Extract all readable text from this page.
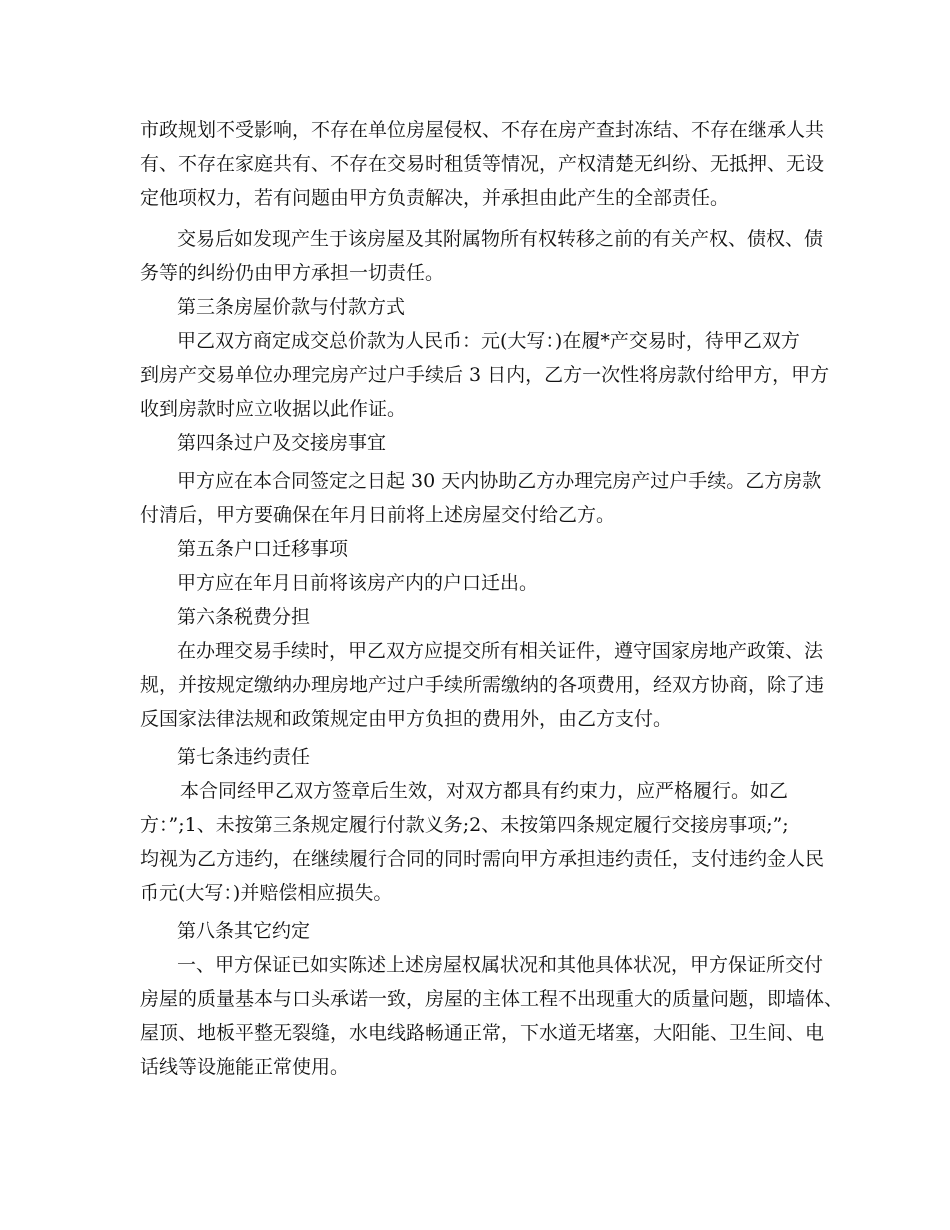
市政规划不受影响，不存在单位房屋侵权、不存在房产查封冻结、不存在继承人共
有、不存在家庭共有、不存在交易时租赁等情况，产权清楚无纠纷、无抵押、无设
定他项权力，若有问题由甲方负责解决，并承担由此产生的全部责任。
交易后如发现产生于该房屋及其附属物所有权转移之前的有关产权、债权、债
务等的纠纷仍由甲方承担一切责任。
第三条房屋价款与付款方式
甲乙双方商定成交总价款为人民币：元(大写：)在履*产交易时，待甲乙双方
到房产交易单位办理完房产过户手续后 3 日内，乙方一次性将房款付给甲方，甲方
收到房款时应立收据以此作证。
第四条过户及交接房事宜
甲方应在本合同签定之日起 30 天内协助乙方办理完房产过户手续。乙方房款
付清后，甲方要确保在年月日前将上述房屋交付给乙方。
第五条户口迁移事项
甲方应在年月日前将该房产内的户口迁出。
第六条税费分担
在办理交易手续时，甲乙双方应提交所有相关证件，遵守国家房地产政策、法
规，并按规定缴纳办理房地产过户手续所需缴纳的各项费用，经双方协商，除了违
反国家法律法规和政策规定由甲方负担的费用外，由乙方支付。
第七条违约责任
本合同经甲乙双方签章后生效，对双方都具有约束力，应严格履行。如乙
方：”;1、未按第三条规定履行付款义务;2、未按第四条规定履行交接房事项;”;
均视为乙方违约，在继续履行合同的同时需向甲方承担违约责任，支付违约金人民
币元(大写：)并赔偿相应损失。
第八条其它约定
一、甲方保证已如实陈述上述房屋权属状况和其他具体状况，甲方保证所交付
房屋的质量基本与口头承诺一致，房屋的主体工程不出现重大的质量问题，即墙体、
屋顶、地板平整无裂缝，水电线路畅通正常，下水道无堵塞，大阳能、卫生间、电
话线等设施能正常使用。
